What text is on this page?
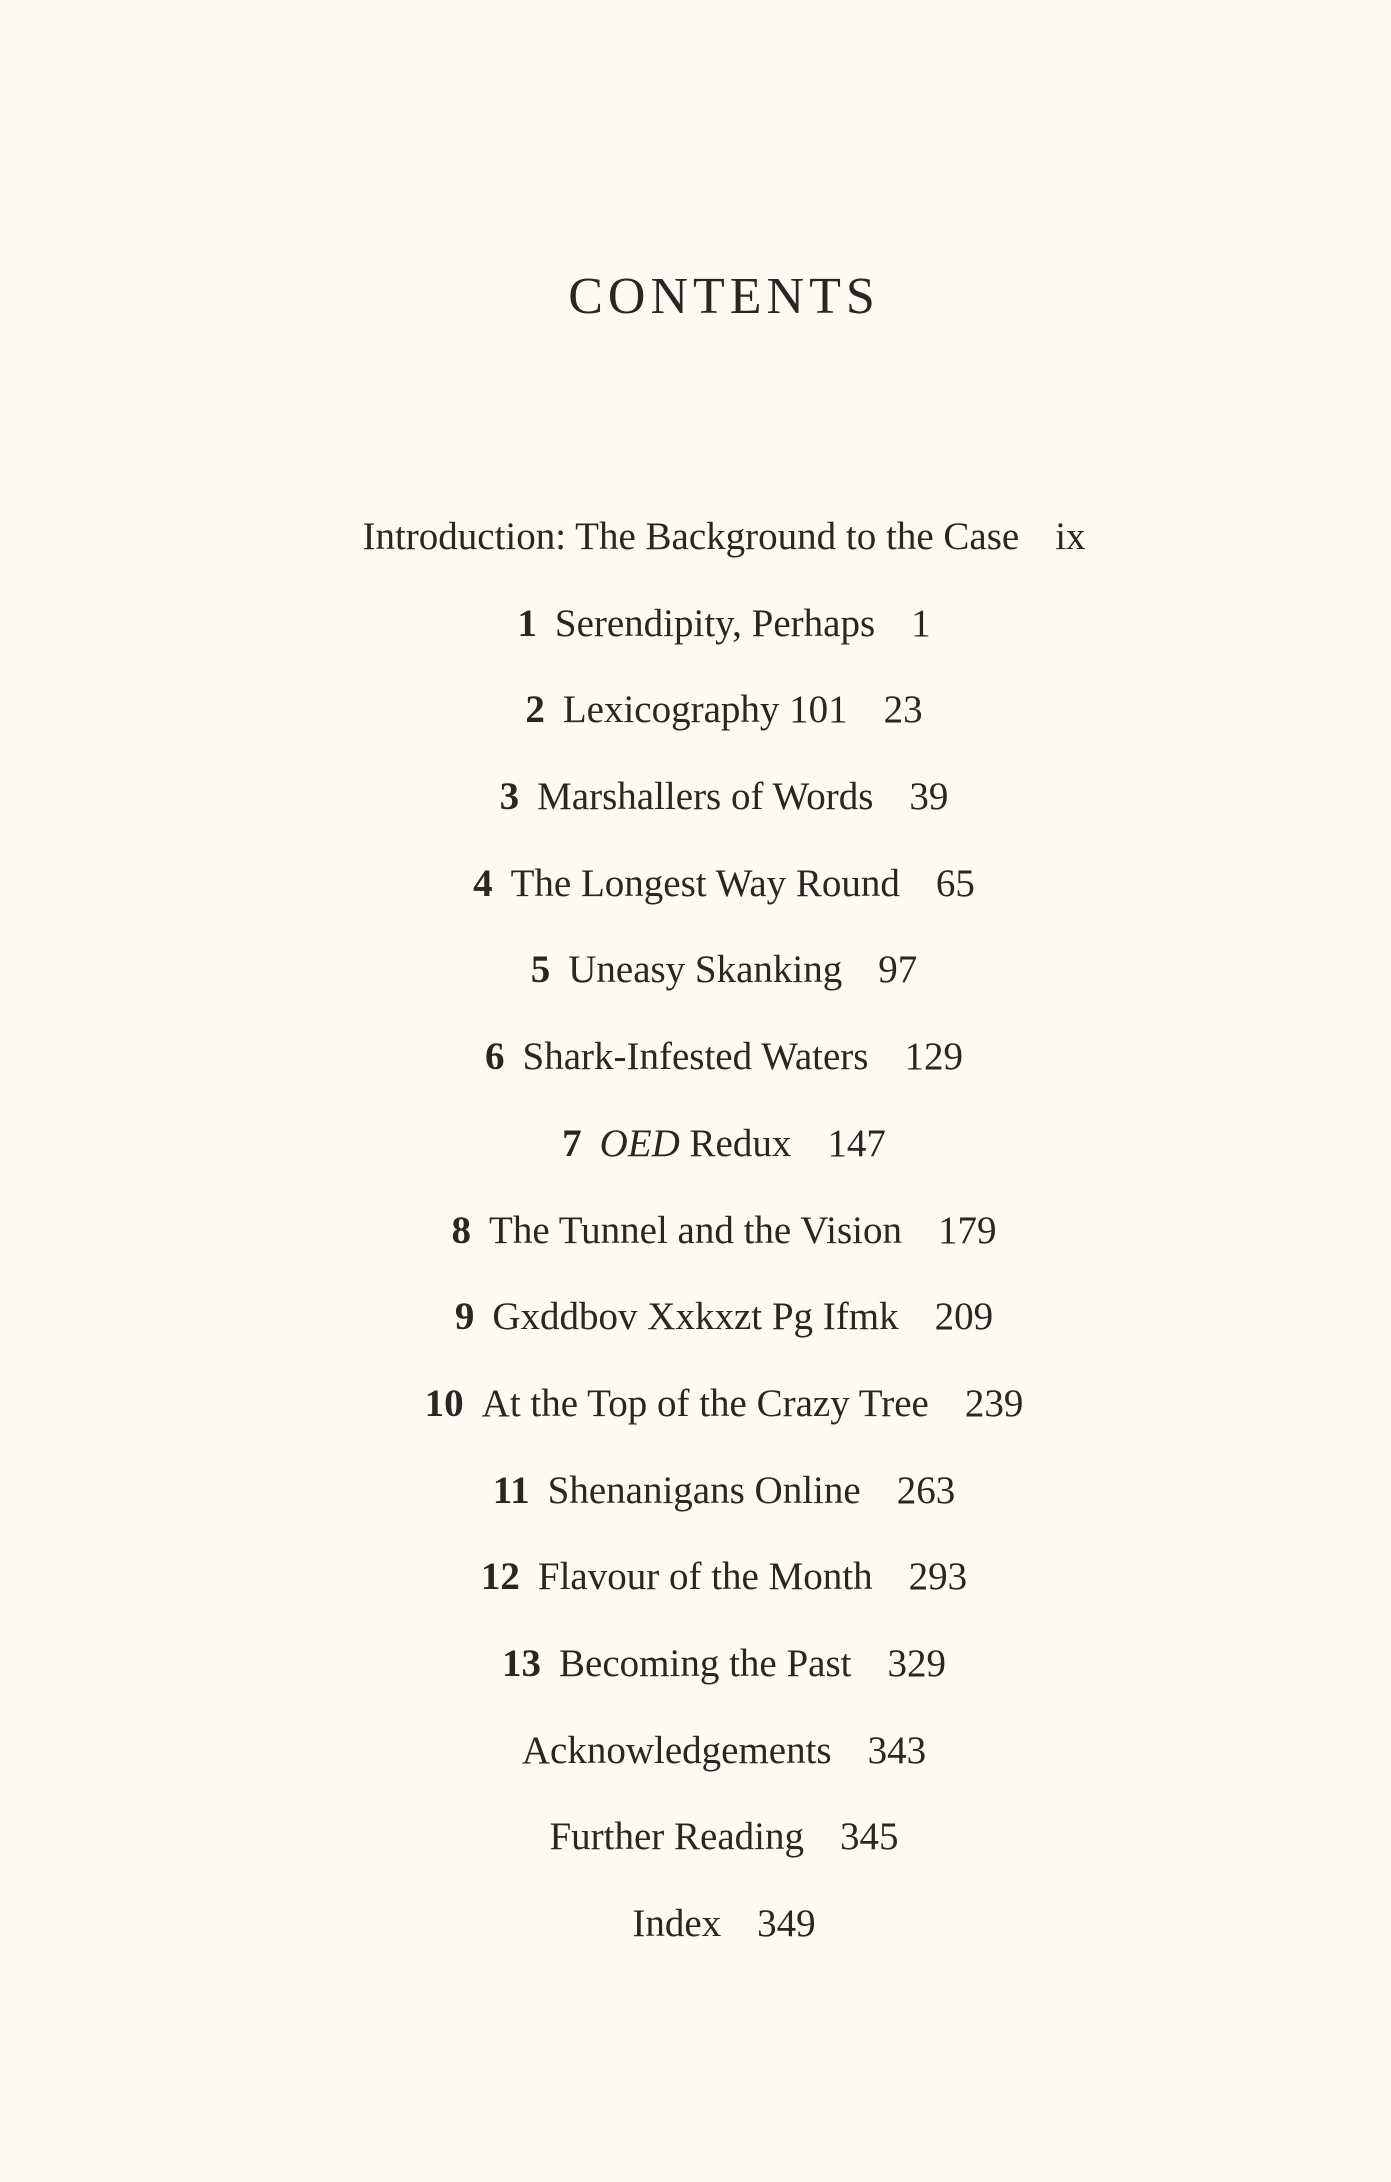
CONTENTS
Introduction: The Background to the Case ix
1 Serendipity, Perhaps 1
2 Lexicography 101 23
3 Marshallers of Words 39
4 The Longest Way Round 65
5 Uneasy Skanking 97
6 Shark-Infested Waters 129
7 OED Redux 147
8 The Tunnel and the Vision 179
9 Gxddbov Xxkxzt Pg Ifmk 209
10 At the Top of the Crazy Tree 239
11 Shenanigans Online 263
12 Flavour of the Month 293
13 Becoming the Past 329
Acknowledgements 343
Further Reading 345
Index 349
